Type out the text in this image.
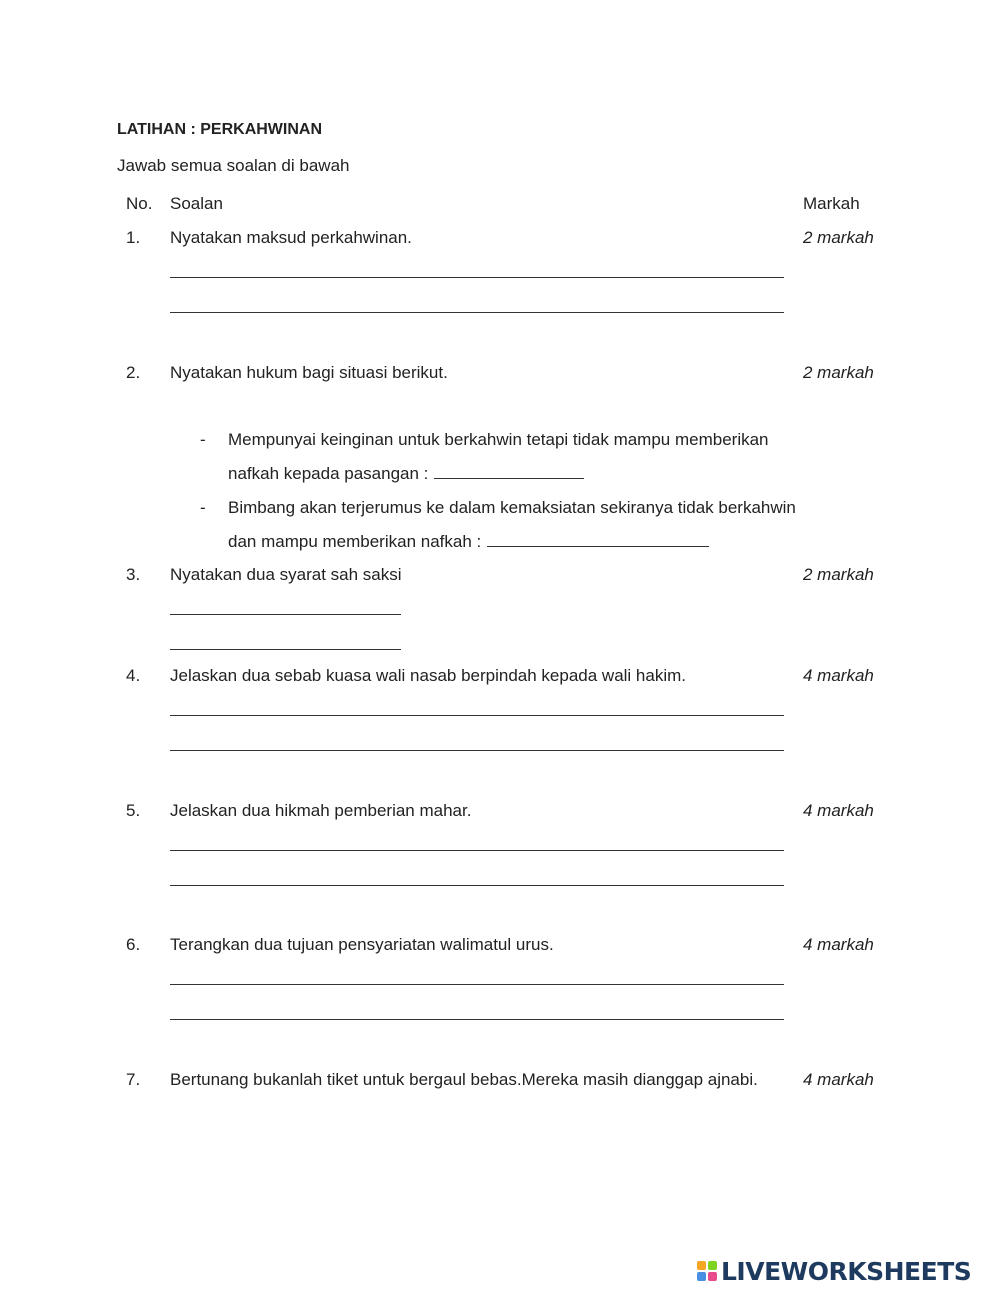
LATIHAN : PERKAHWINAN
Jawab semua soalan di bawah
No. Soalan	Markah
1. Nyatakan maksud perkahwinan.	2 markah
2. Nyatakan hukum bagi situasi berikut.	2 markah
- Mempunyai keinginan untuk berkahwin tetapi tidak mampu memberikan
nafkah kepada pasangan :
- Bimbang akan terjerumus ke dalam kemaksiatan sekiranya tidak berkahwin
dan mampu memberikan nafkah :
3. Nyatakan dua syarat sah saksi	2 markah
4. Jelaskan dua sebab kuasa wali nasab berpindah kepada wali hakim.	4 markah
5. Jelaskan dua hikmah pemberian mahar.	4 markah
6. Terangkan dua tujuan pensyariatan walimatul urus.	4 markah
7. Bertunang bukanlah tiket untuk bergaul bebas.Mereka masih dianggap ajnabi.	4 markah
LIVEWORKSHEETS
